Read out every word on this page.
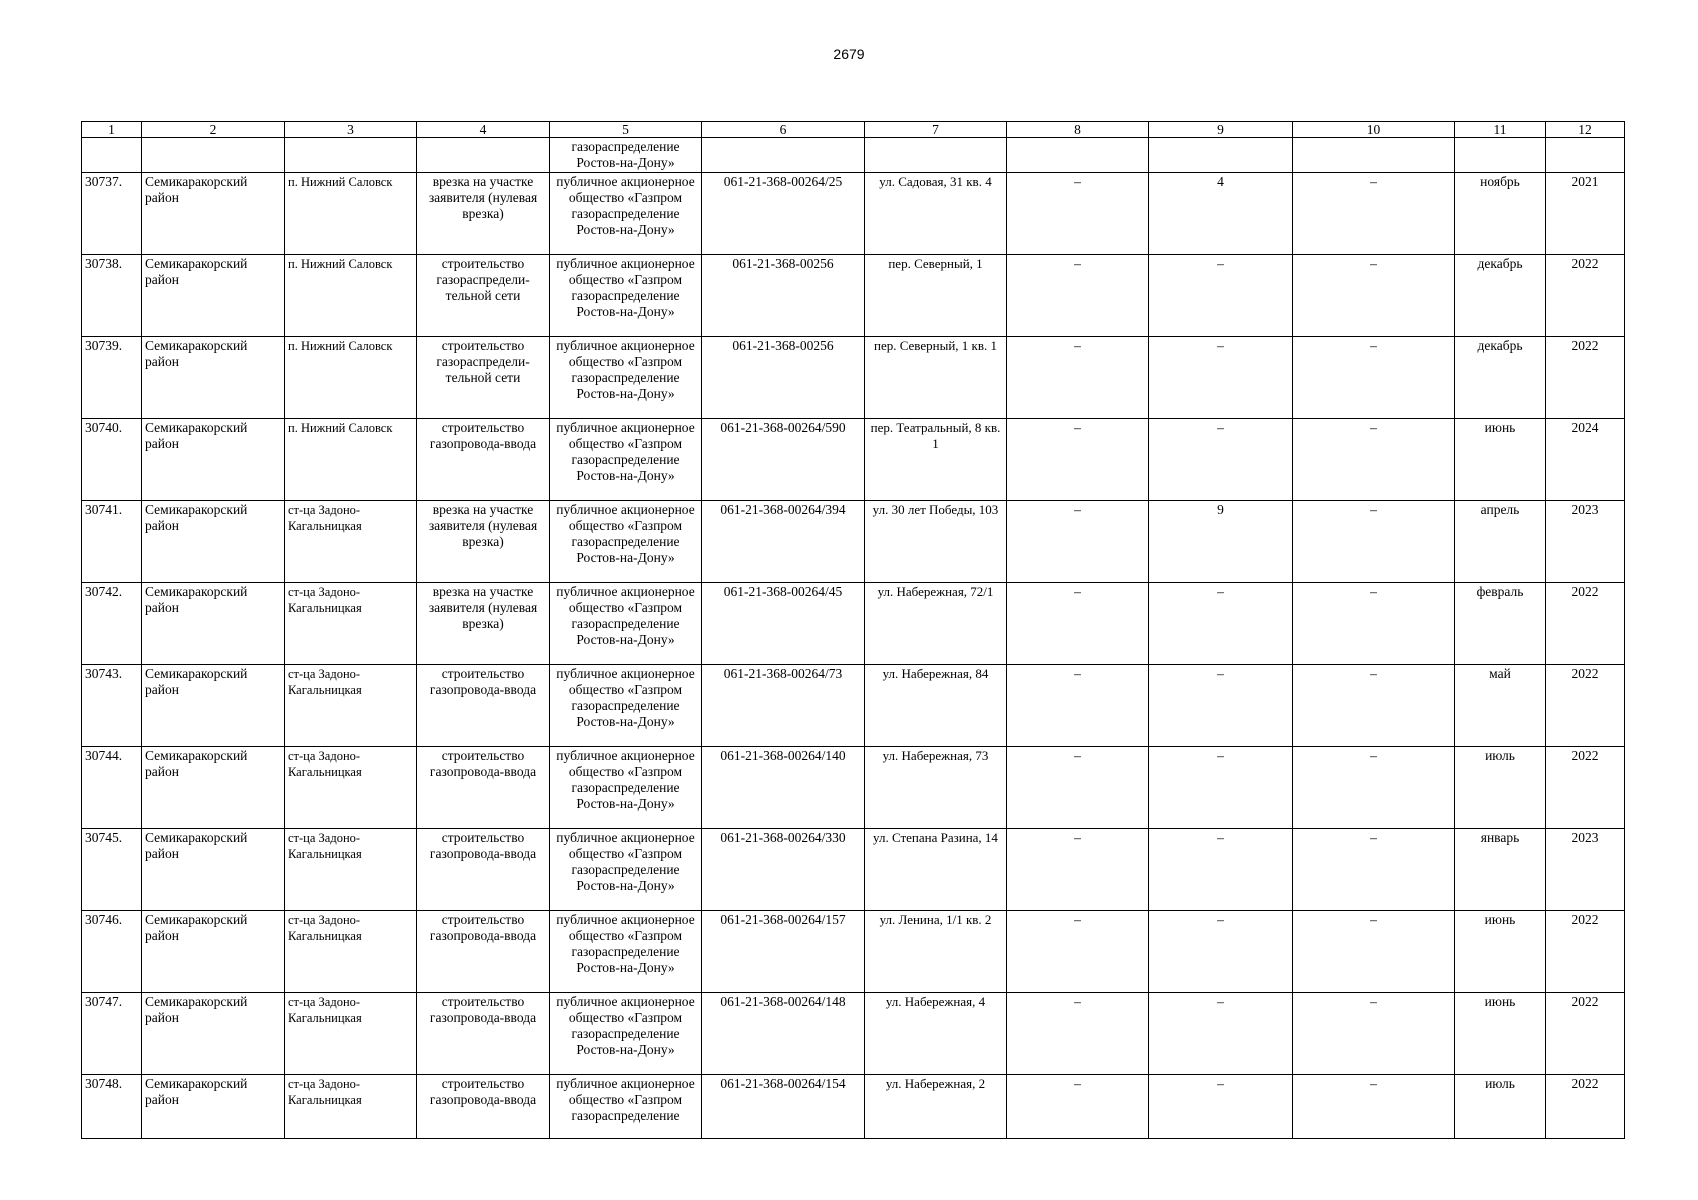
2679
1	2	3	4	5	6	7	8	9	10	11	12
				газораспределение Ростов-на-Дону»							
30737.	Семикаракорский район	п. Нижний Саловск	врезка на участке заявителя (нулевая врезка)	публичное акционерное общество «Газпром газораспределение Ростов-на-Дону»	061-21-368-00264/25	ул. Садовая, 31 кв. 4	–	4	–	ноябрь	2021
30738.	Семикаракорский район	п. Нижний Саловск	строительство газораспредели-тельной сети	публичное акционерное общество «Газпром газораспределение Ростов-на-Дону»	061-21-368-00256	пер. Северный, 1	–	–	–	декабрь	2022
30739.	Семикаракорский район	п. Нижний Саловск	строительство газораспредели-тельной сети	публичное акционерное общество «Газпром газораспределение Ростов-на-Дону»	061-21-368-00256	пер. Северный, 1 кв. 1	–	–	–	декабрь	2022
30740.	Семикаракорский район	п. Нижний Саловск	строительство газопровода-ввода	публичное акционерное общество «Газпром газораспределение Ростов-на-Дону»	061-21-368-00264/590	пер. Театральный, 8 кв. 1	–	–	–	июнь	2024
30741.	Семикаракорский район	ст-ца Задоно-Кагальницкая	врезка на участке заявителя (нулевая врезка)	публичное акционерное общество «Газпром газораспределение Ростов-на-Дону»	061-21-368-00264/394	ул. 30 лет Победы, 103	–	9	–	апрель	2023
30742.	Семикаракорский район	ст-ца Задоно-Кагальницкая	врезка на участке заявителя (нулевая врезка)	публичное акционерное общество «Газпром газораспределение Ростов-на-Дону»	061-21-368-00264/45	ул. Набережная, 72/1	–	–	–	февраль	2022
30743.	Семикаракорский район	ст-ца Задоно-Кагальницкая	строительство газопровода-ввода	публичное акционерное общество «Газпром газораспределение Ростов-на-Дону»	061-21-368-00264/73	ул. Набережная, 84	–	–	–	май	2022
30744.	Семикаракорский район	ст-ца Задоно-Кагальницкая	строительство газопровода-ввода	публичное акционерное общество «Газпром газораспределение Ростов-на-Дону»	061-21-368-00264/140	ул. Набережная, 73	–	–	–	июль	2022
30745.	Семикаракорский район	ст-ца Задоно-Кагальницкая	строительство газопровода-ввода	публичное акционерное общество «Газпром газораспределение Ростов-на-Дону»	061-21-368-00264/330	ул. Степана Разина, 14	–	–	–	январь	2023
30746.	Семикаракорский район	ст-ца Задоно-Кагальницкая	строительство газопровода-ввода	публичное акционерное общество «Газпром газораспределение Ростов-на-Дону»	061-21-368-00264/157	ул. Ленина, 1/1 кв. 2	–	–	–	июнь	2022
30747.	Семикаракорский район	ст-ца Задоно-Кагальницкая	строительство газопровода-ввода	публичное акционерное общество «Газпром газораспределение Ростов-на-Дону»	061-21-368-00264/148	ул. Набережная, 4	–	–	–	июнь	2022
30748.	Семикаракорский район	ст-ца Задоно-Кагальницкая	строительство газопровода-ввода	публичное акционерное общество «Газпром газораспределение	061-21-368-00264/154	ул. Набережная, 2	–	–	–	июль	2022
